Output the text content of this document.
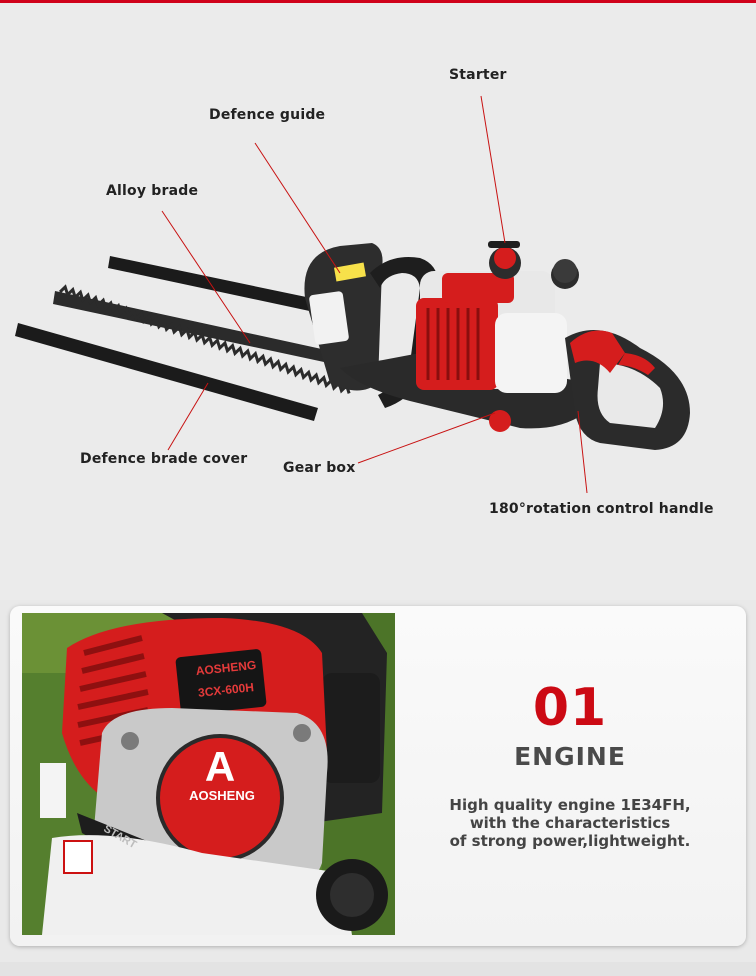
Starter
Defence guide
Alloy brade
Defence brade cover
Gear box
180°rotation control handle
AOSHENG
3CX-600H
AOSHENG
A
START
01
ENGINE
High quality engine 1E34FH,
with the characteristics
of strong power,lightweight.
